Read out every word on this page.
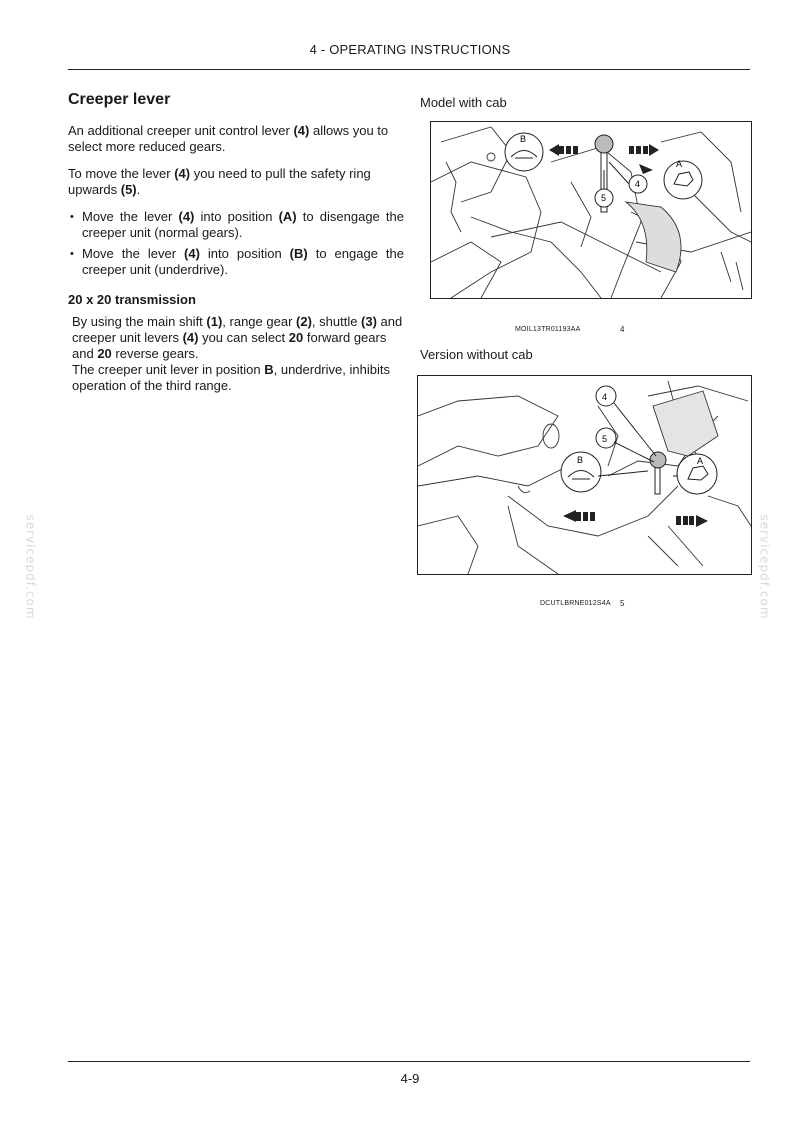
4 - OPERATING INSTRUCTIONS
Creeper lever

An additional creeper unit control lever (4) allows you to select more reduced gears.

To move the lever (4) you need to pull the safety ring upwards (5).

• Move the lever (4) into position (A) to disengage the creeper unit (normal gears).
• Move the lever (4) into position (B) to engage the creeper unit (underdrive).
20 x 20 transmission
By using the main shift (1), range gear (2), shuttle (3) and creeper unit levers (4) you can select 20 forward gears and 20 reverse gears.
The creeper unit lever in position B, underdrive, inhibits operation of the third range.
Model with cab
B
A
4
5
MOIL13TR01193AA	4
Version without cab
4
5
B	A
DCUTLBRNE012S4A 5
servicepdf.com	servicepdf.com
4-9
